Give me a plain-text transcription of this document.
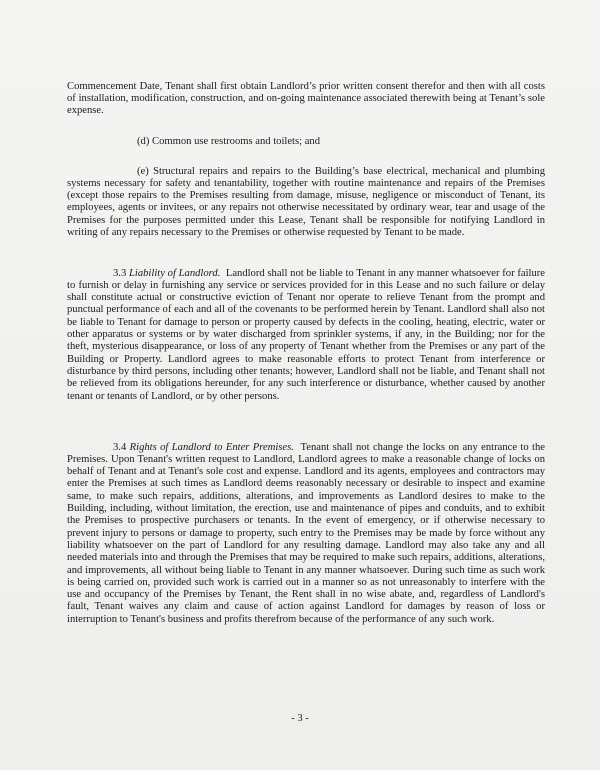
Commencement Date, Tenant shall first obtain Landlord’s prior written consent therefor and then with all costs of installation, modification, construction, and on-going maintenance associated therewith being at Tenant’s sole expense.

(d) Common use restrooms and toilets; and

(e) Structural repairs and repairs to the Building’s base electrical, mechanical and plumbing systems necessary for safety and tenantability, together with routine maintenance and repairs of the Premises (except those repairs to the Premises resulting from damage, misuse, negligence or misconduct of Tenant, its employees, agents or invitees, or any repairs not otherwise necessitated by ordinary wear, tear and usage of the Premises for the purposes permitted under this Lease, Tenant shall be responsible for notifying Landlord in writing of any repairs necessary to the Premises or otherwise requested by Tenant to be made.

3.3 Liability of Landlord. Landlord shall not be liable to Tenant in any manner whatsoever for failure to furnish or delay in furnishing any service or services provided for in this Lease and no such failure or delay shall constitute actual or constructive eviction of Tenant nor operate to relieve Tenant from the prompt and punctual performance of each and all of the covenants to be performed herein by Tenant. Landlord shall also not be liable to Tenant for damage to person or property caused by defects in the cooling, heating, electric, water or other apparatus or systems or by water discharged from sprinkler systems, if any, in the Building; nor for the theft, mysterious disappearance, or loss of any property of Tenant whether from the Premises or any part of the Building or Property. Landlord agrees to make reasonable efforts to protect Tenant from interference or disturbance by third persons, including other tenants; however, Landlord shall not be liable, and Tenant shall not be relieved from its obligations hereunder, for any such interference or disturbance, whether caused by another tenant or tenants of Landlord, or by other persons.

3.4 Rights of Landlord to Enter Premises. Tenant shall not change the locks on any entrance to the Premises. Upon Tenant's written request to Landlord, Landlord agrees to make a reasonable change of locks on behalf of Tenant and at Tenant's sole cost and expense. Landlord and its agents, employees and contractors may enter the Premises at such times as Landlord deems reasonably necessary or desirable to inspect and examine same, to make such repairs, additions, alterations, and improvements as Landlord desires to make to the Building, including, without limitation, the erection, use and maintenance of pipes and conduits, and to exhibit the Premises to prospective purchasers or tenants. In the event of emergency, or if otherwise necessary to prevent injury to persons or damage to property, such entry to the Premises may be made by force without any liability whatsoever on the part of Landlord for any resulting damage. Landlord may also take any and all needed materials into and through the Premises that may be required to make such repairs, additions, alterations, and improvements, all without being liable to Tenant in any manner whatsoever. During such time as such work is being carried on, provided such work is carried out in a manner so as not unreasonably to interfere with the use and occupancy of the Premises by Tenant, the Rent shall in no wise abate, and, regardless of Landlord's fault, Tenant waives any claim and cause of action against Landlord for damages by reason of loss or interruption to Tenant's business and profits therefrom because of the performance of any such work.

- 3 -
